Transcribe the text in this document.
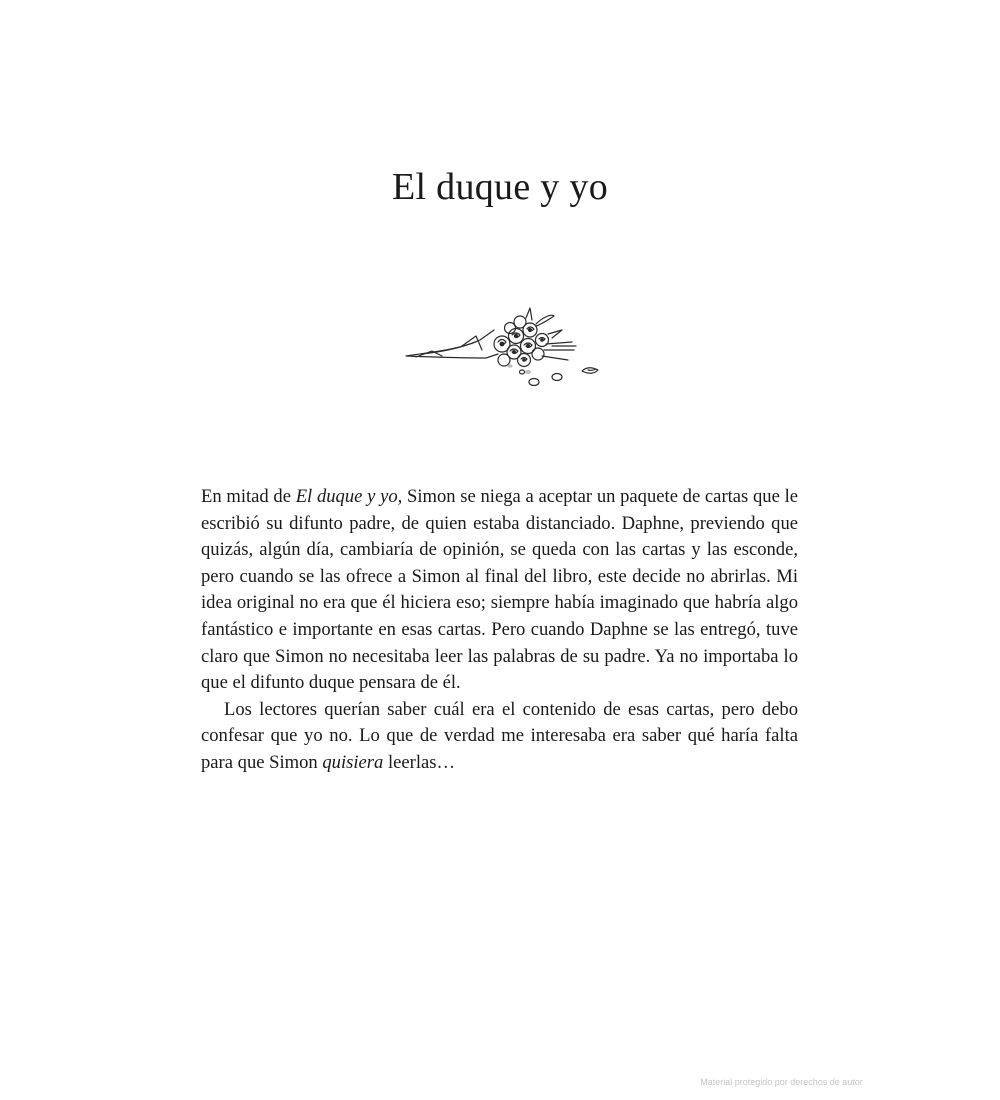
El duque y yo

En mitad de El duque y yo, Simon se niega a aceptar un paquete de cartas que le escribió su difunto padre, de quien estaba distanciado. Daphne, previendo que quizás, algún día, cambiaría de opinión, se queda con las cartas y las esconde, pero cuando se las ofrece a Simon al final del libro, este decide no abrirlas. Mi idea original no era que él hiciera eso; siempre había imaginado que habría algo fantástico e importante en esas cartas. Pero cuando Daphne se las entregó, tuve claro que Simon no necesitaba leer las palabras de su padre. Ya no importaba lo que el difunto duque pensara de él.

Los lectores querían saber cuál era el contenido de esas cartas, pero debo confesar que yo no. Lo que de verdad me interesaba era saber qué haría falta para que Simon quisiera leerlas…

Material protegido por derechos de autor
